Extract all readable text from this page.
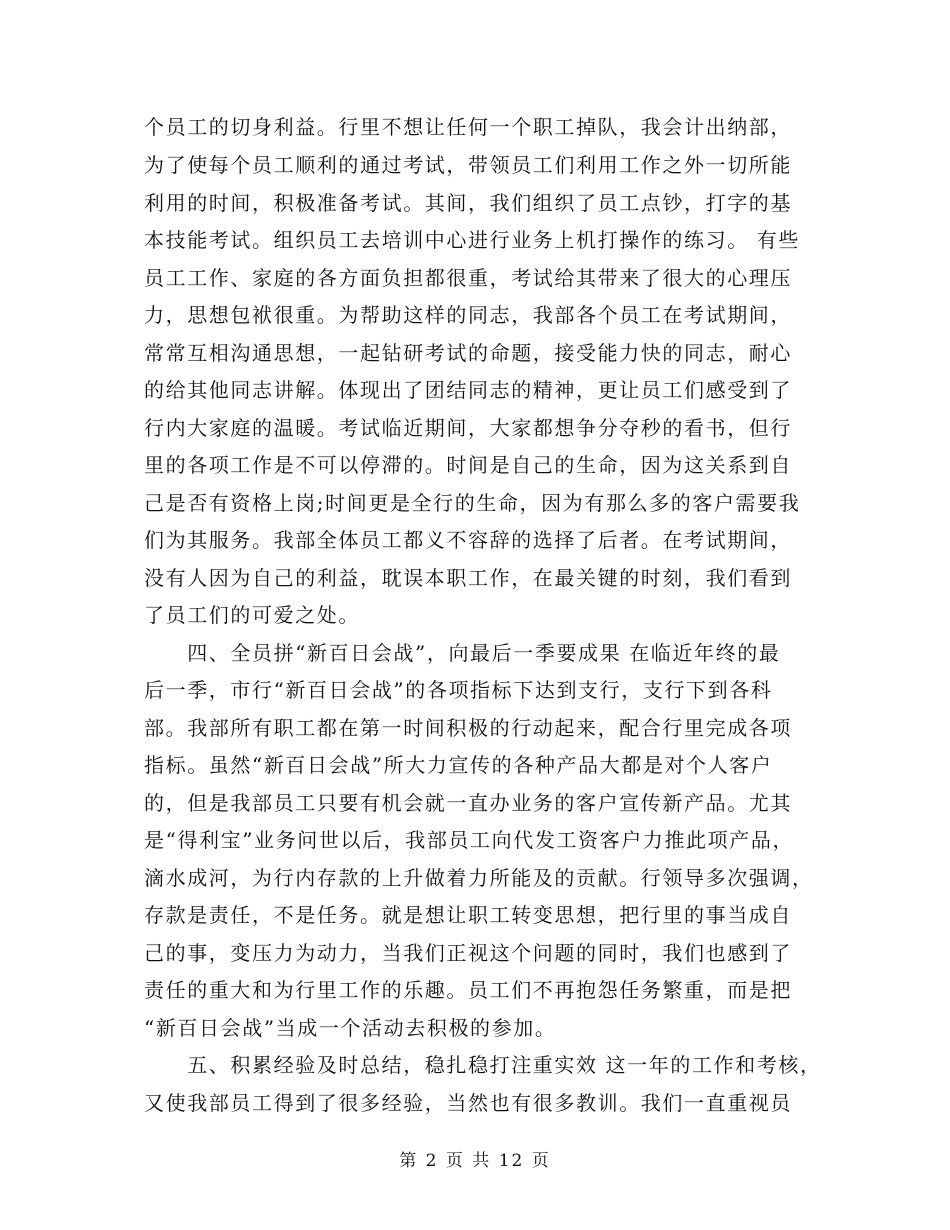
个员工的切身利益。行里不想让任何一个职工掉队，我会计出纳部，
为了使每个员工顺利的通过考试，带领员工们利用工作之外一切所能
利用的时间，积极准备考试。其间，我们组织了员工点钞，打字的基
本技能考试。组织员工去培训中心进行业务上机打操作的练习。 有些
员工工作、家庭的各方面负担都很重，考试给其带来了很大的心理压
力，思想包袱很重。为帮助这样的同志，我部各个员工在考试期间，
常常互相沟通思想，一起钻研考试的命题，接受能力快的同志，耐心
的给其他同志讲解。体现出了团结同志的精神，更让员工们感受到了
行内大家庭的温暖。考试临近期间，大家都想争分夺秒的看书，但行
里的各项工作是不可以停滞的。时间是自己的生命，因为这关系到自
己是否有资格上岗;时间更是全行的生命，因为有那么多的客户需要我
们为其服务。我部全体员工都义不容辞的选择了后者。在考试期间，
没有人因为自己的利益，耽误本职工作，在最关键的时刻，我们看到
了员工们的可爱之处。
　　四、全员拼“新百日会战”，向最后一季要成果 在临近年终的最
后一季，市行“新百日会战”的各项指标下达到支行，支行下到各科
部。我部所有职工都在第一时间积极的行动起来，配合行里完成各项
指标。虽然“新百日会战”所大力宣传的各种产品大都是对个人客户
的，但是我部员工只要有机会就一直办业务的客户宣传新产品。尤其
是“得利宝”业务问世以后，我部员工向代发工资客户力推此项产品，
滴水成河，为行内存款的上升做着力所能及的贡献。行领导多次强调，
存款是责任，不是任务。就是想让职工转变思想，把行里的事当成自
己的事，变压力为动力，当我们正视这个问题的同时，我们也感到了
责任的重大和为行里工作的乐趣。员工们不再抱怨任务繁重，而是把
“新百日会战”当成一个活动去积极的参加。
　　五、积累经验及时总结，稳扎稳打注重实效 这一年的工作和考核，
又使我部员工得到了很多经验，当然也有很多教训。我们一直重视员
第 2 页 共 12 页
